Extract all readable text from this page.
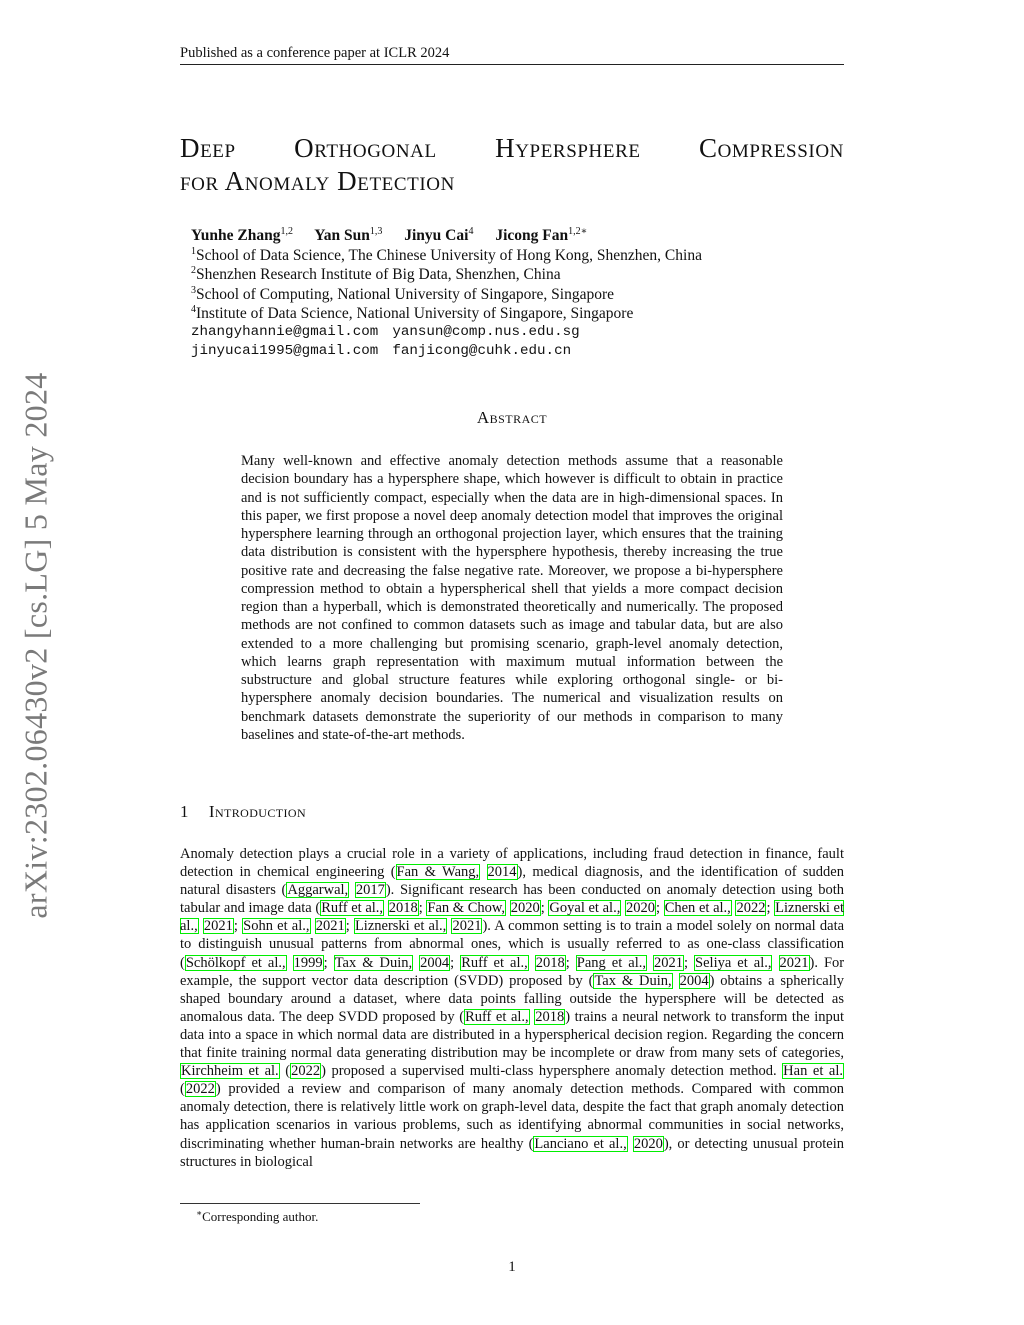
Published as a conference paper at ICLR 2024
arXiv:2302.06430v2 [cs.LG] 5 May 2024
Deep Orthogonal Hypersphere Compression
for Anomaly Detection
Yunhe Zhang$^{1,2}$ Yan Sun$^{1,3}$ Jinyu Cai$^4$ Jicong Fan$^{1,2∗}$
$^1$School of Data Science, The Chinese University of Hong Kong, Shenzhen, China
$^2$Shenzhen Research Institute of Big Data, Shenzhen, China
$^3$School of Computing, National University of Singapore, Singapore
$^4$Institute of Data Science, National University of Singapore, Singapore
zhangyhannie@gmail.com yansun@comp.nus.edu.sg
jinyucai1995@gmail.com fanjicong@cuhk.edu.cn
Abstract
Many well-known and effective anomaly detection methods assume that a reasonable decision boundary has a hypersphere shape, which however is difficult to obtain in practice and is not sufficiently compact, especially when the data are in high-dimensional spaces. In this paper, we first propose a novel deep anomaly detection model that improves the original hypersphere learning through an orthogonal projection layer, which ensures that the training data distribution is consistent with the hypersphere hypothesis, thereby increasing the true positive rate and decreasing the false negative rate. Moreover, we propose a bi-hypersphere compression method to obtain a hyperspherical shell that yields a more compact decision region than a hyperball, which is demonstrated theoretically and numerically. The proposed methods are not confined to common datasets such as image and tabular data, but are also extended to a more challenging but promising scenario, graph-level anomaly detection, which learns graph representation with maximum mutual information between the substructure and global structure features while exploring orthogonal single- or bi-hypersphere anomaly decision boundaries. The numerical and visualization results on benchmark datasets demonstrate the superiority of our methods in comparison to many baselines and state-of-the-art methods.
1 Introduction
Anomaly detection plays a crucial role in a variety of applications, including fraud detection in finance, fault detection in chemical engineering (Fan & Wang, 2014), medical diagnosis, and the identification of sudden natural disasters (Aggarwal, 2017). Significant research has been conducted on anomaly detection using both tabular and image data (Ruff et al., 2018; Fan & Chow, 2020; Goyal et al., 2020; Chen et al., 2022; Liznerski et al., 2021; Sohn et al., 2021; Liznerski et al., 2021). A common setting is to train a model solely on normal data to distinguish unusual patterns from abnormal ones, which is usually referred to as one-class classification (Schölkopf et al., 1999; Tax & Duin, 2004; Ruff et al., 2018; Pang et al., 2021; Seliya et al., 2021). For example, the support vector data description (SVDD) proposed by (Tax & Duin, 2004) obtains a spherically shaped boundary around a dataset, where data points falling outside the hypersphere will be detected as anomalous data. The deep SVDD proposed by (Ruff et al., 2018) trains a neural network to transform the input data into a space in which normal data are distributed in a hyperspherical decision region. Regarding the concern that finite training normal data generating distribution may be incomplete or draw from many sets of categories, Kirchheim et al. (2022) proposed a supervised multi-class hypersphere anomaly detection method. Han et al. (2022) provided a review and comparison of many anomaly detection methods. Compared with common anomaly detection, there is relatively little work on graph-level data, despite the fact that graph anomaly detection has application scenarios in various problems, such as identifying abnormal communities in social networks, discriminating whether human-brain networks are healthy (Lanciano et al., 2020), or detecting unusual protein structures in biological
∗Corresponding author.
1
